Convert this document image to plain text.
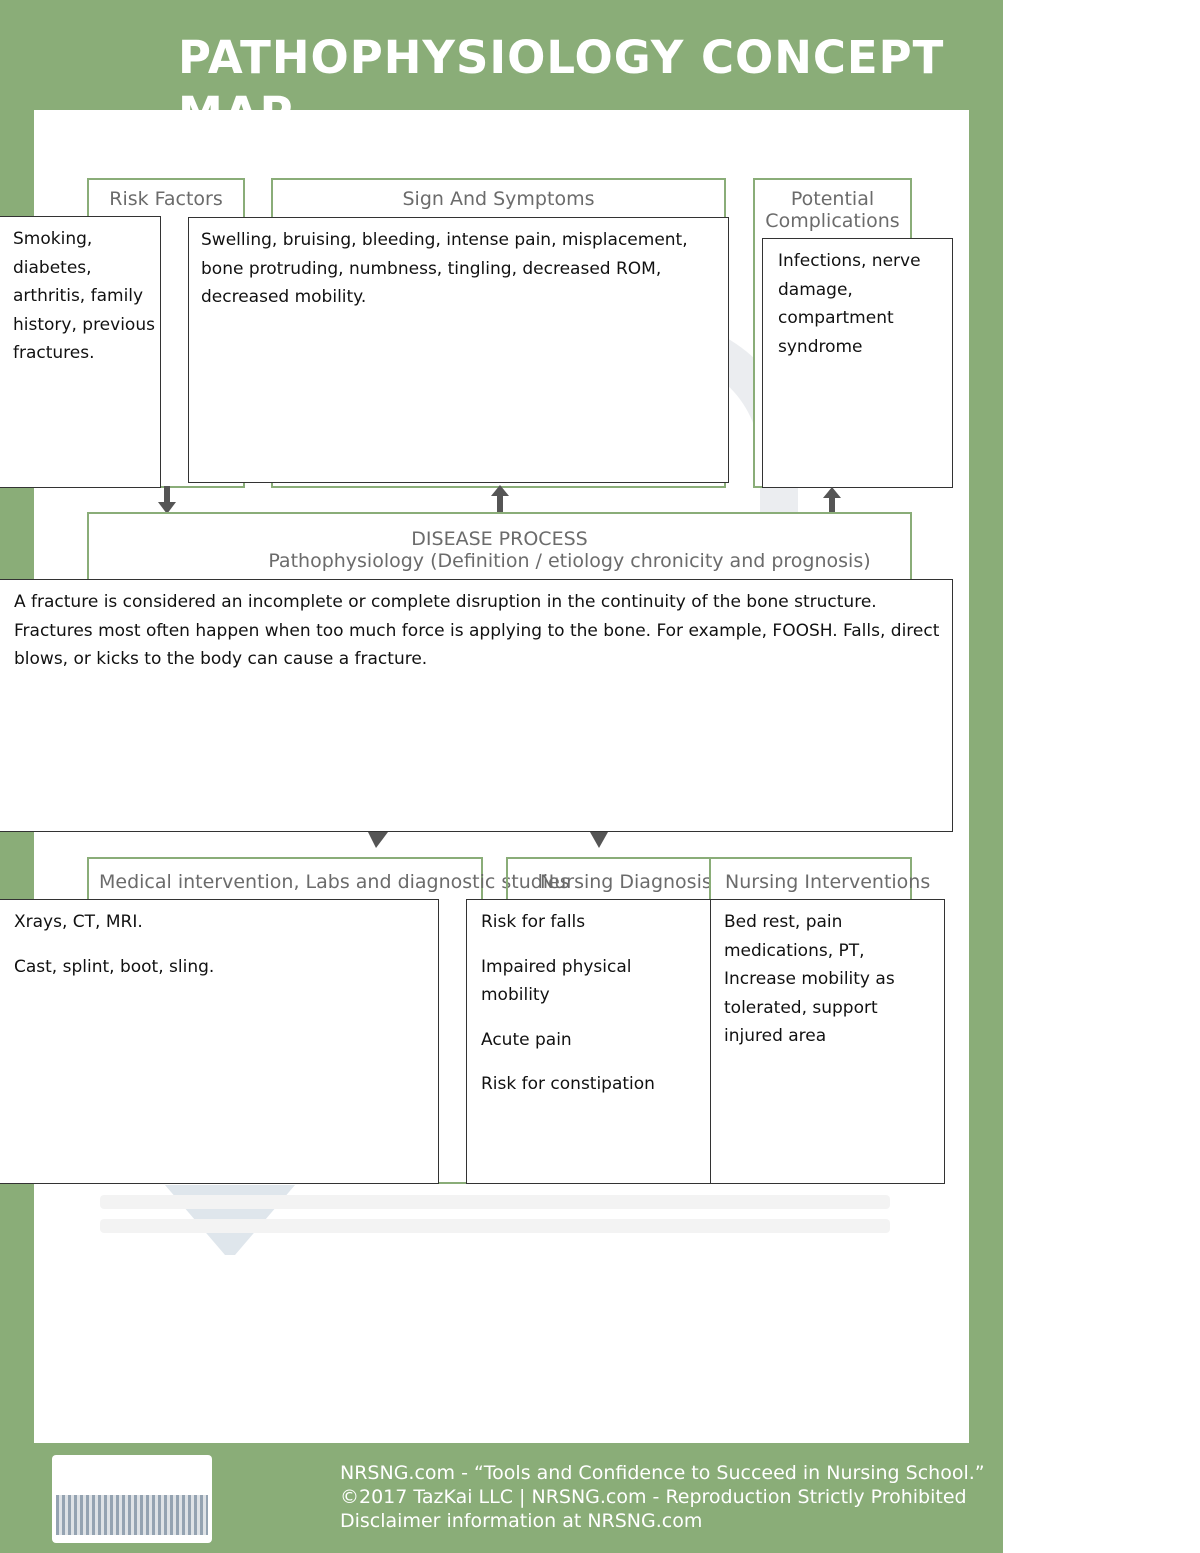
PATHOPHYSIOLOGY CONCEPT MAP
Risk Factors	Sign And Symptoms	Potential
Complications

Smoking, diabetes, arthritis, family history, previous fractures.

Swelling, bruising, bleeding, intense pain, misplacement, bone protruding, numbness, tingling, decreased ROM, decreased mobility.

Infections, nerve damage, compartment syndrome

DISEASE PROCESS
Pathophysiology (Definition / etiology chronicity and prognosis)

A fracture is considered an incomplete or complete disruption in the continuity of the bone structure. Fractures most often happen when too much force is applying to the bone. For example, FOOSH. Falls, direct blows, or kicks to the body can cause a fracture.

Medical intervention, Labs and diagnostic studies
Nursing Diagnosis Nursing Interventions

Xrays, CT, MRI.

Cast, splint, boot, sling.

Risk for falls

Impaired physical mobility

Acute pain

Risk for constipation

Bed rest, pain medications, PT, Increase mobility as tolerated, support injured area

NRSNG.com - “Tools and Confidence to Succeed in Nursing School.”
©2017 TazKai LLC | NRSNG.com - Reproduction Strictly Prohibited
Disclaimer information at NRSNG.com
